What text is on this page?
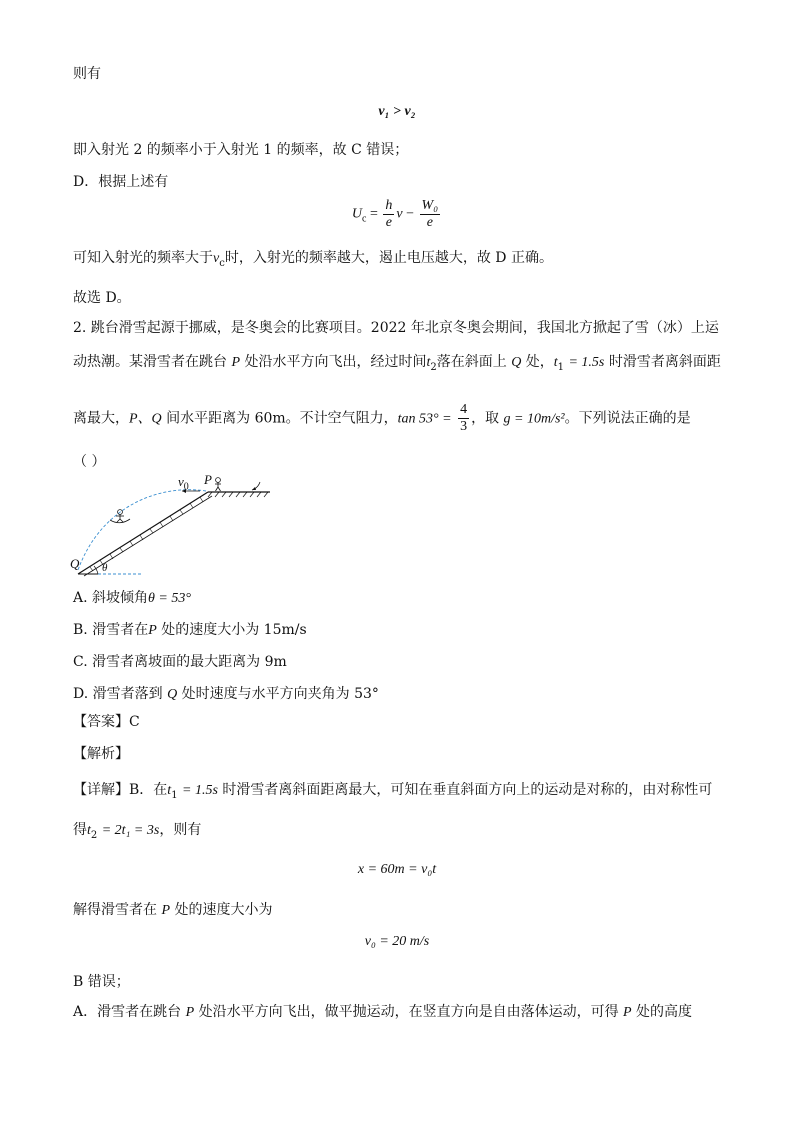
则有
ν₁ > ν₂
即入射光 2 的频率小于入射光 1 的频率，故 C 错误；
D．根据上述有
$U_c = \frac{h}{e}$ $\nu - \frac{\text{W₀}}{e}$
可知入射光的频率大于$\nu_c$时，入射光的频率越大，遏止电压越大，故 D 正确。
故选 D。
2. 跳台滑雪起源于挪威，是冬奥会的比赛项目。2022 年北京冬奥会期间，我国北方掀起了雪（冰）上运
动热潮。某滑雪者在跳台 P 处沿水平方向飞出，经过时间$t_2$落在斜面上 Q 处，$t_1 = 1.5s$ 时滑雪者离斜面距
离最大，P、Q 间水平距离为 60m。不计空气阻力，$\tan 53^\circ = \frac{4}{3}$ ，取 g = 10m/s²。下列说法正确的是
（ ）
$v_0$
P
Q θ
A. 斜坡倾角θ = 53°
B. 滑雪者在P 处的速度大小为 15m/s
C. 滑雪者离坡面的最大距离为 9m
D. 滑雪者落到 Q 处时速度与水平方向夹角为 53°
【答案】C
【解析】
【详解】B．在$t_1 = 1.5s$ 时滑雪者离斜面距离最大，可知在垂直斜面方向上的运动是对称的，由对称性可
得$t_2 = 2t_1 = 3s$，则有
x = 60m = v₀t
解得滑雪者在 P 处的速度大小为
v₀ = 20 m/s
B 错误；
A．滑雪者在跳台 P 处沿水平方向飞出，做平抛运动，在竖直方向是自由落体运动，可得 P 处的高度
